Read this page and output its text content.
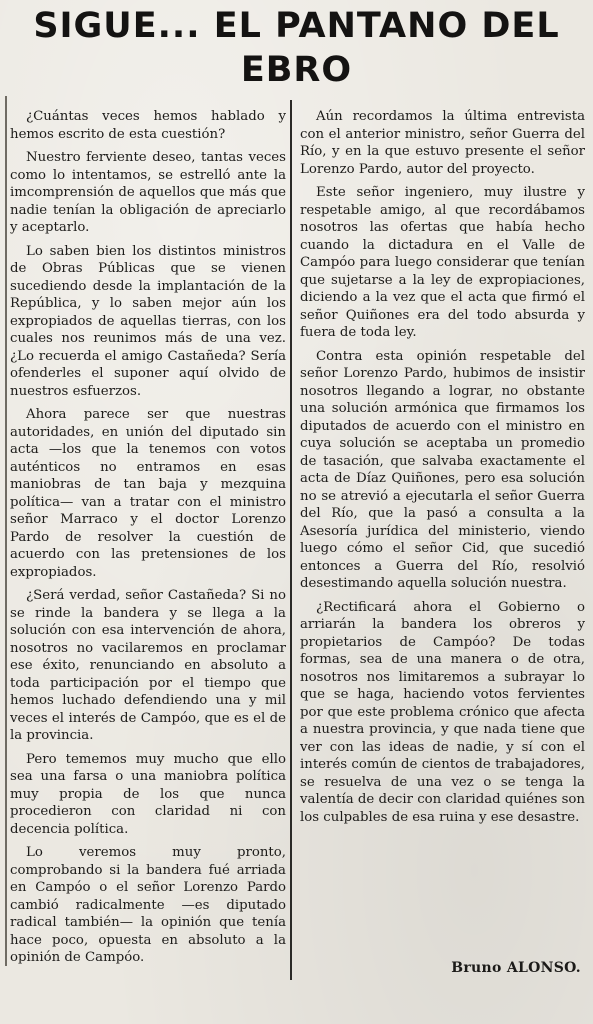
SIGUE... EL PANTANO DEL EBRO

¿Cuántas veces hemos hablado y hemos escrito de esta cuestión?

Nuestro ferviente deseo, tantas veces como lo intentamos, se estrelló ante la imcomprensión de aquellos que más que nadie tenían la obligación de apreciarlo y aceptarlo.

Lo saben bien los distintos ministros de Obras Públicas que se vienen sucediendo desde la implantación de la República, y lo saben mejor aún los expropiados de aquellas tierras, con los cuales nos reunimos más de una vez. ¿Lo recuerda el amigo Castañeda? Sería ofenderles el suponer aquí olvido de nuestros esfuerzos.

Ahora parece ser que nuestras autoridades, en unión del diputado sin acta —los que la tenemos con votos auténticos no entramos en esas maniobras de tan baja y mezquina política— van a tratar con el ministro señor Marraco y el doctor Lorenzo Pardo de resolver la cuestión de acuerdo con las pretensiones de los expropiados.

¿Será verdad, señor Castañeda? Si no se rinde la bandera y se llega a la solución con esa intervención de ahora, nosotros no vacilaremos en proclamar ese éxito, renunciando en absoluto a toda participación por el tiempo que hemos luchado defendiendo una y mil veces el interés de Campóo, que es el de la provincia.

Pero tememos muy mucho que ello sea una farsa o una maniobra política muy propia de los que nunca procedieron con claridad ni con decencia política.

Lo veremos muy pronto, comprobando si la bandera fué arriada en Campóo o el señor Lorenzo Pardo cambió radicalmente —es diputado radical también— la opinión que tenía hace poco, opuesta en absoluto a la opinión de Campóo.

Aún recordamos la última entrevista con el anterior ministro, señor Guerra del Río, y en la que estuvo presente el señor Lorenzo Pardo, autor del proyecto.

Este señor ingeniero, muy ilustre y respetable amigo, al que recordábamos nosotros las ofertas que había hecho cuando la dictadura en el Valle de Campóo para luego considerar que tenían que sujetarse a la ley de expropiaciones, diciendo a la vez que el acta que firmó el señor Quiñones era del todo absurda y fuera de toda ley.

Contra esta opinión respetable del señor Lorenzo Pardo, hubimos de insistir nosotros llegando a lograr, no obstante una solución armónica que firmamos los diputados de acuerdo con el ministro en cuya solución se aceptaba un promedio de tasación, que salvaba exactamente el acta de Díaz Quiñones, pero esa solución no se atrevió a ejecutarla el señor Guerra del Río, que la pasó a consulta a la Asesoría jurídica del ministerio, viendo luego cómo el señor Cid, que sucedió entonces a Guerra del Río, resolvió desestimando aquella solución nuestra.

¿Rectificará ahora el Gobierno o arriarán la bandera los obreros y propietarios de Campóo? De todas formas, sea de una manera o de otra, nosotros nos limitaremos a subrayar lo que se haga, haciendo votos fervientes por que este problema crónico que afecta a nuestra provincia, y que nada tiene que ver con las ideas de nadie, y sí con el interés común de cientos de trabajadores, se resuelva de una vez o se tenga la valentía de decir con claridad quiénes son los culpables de esa ruina y ese desastre.

Bruno ALONSO.
